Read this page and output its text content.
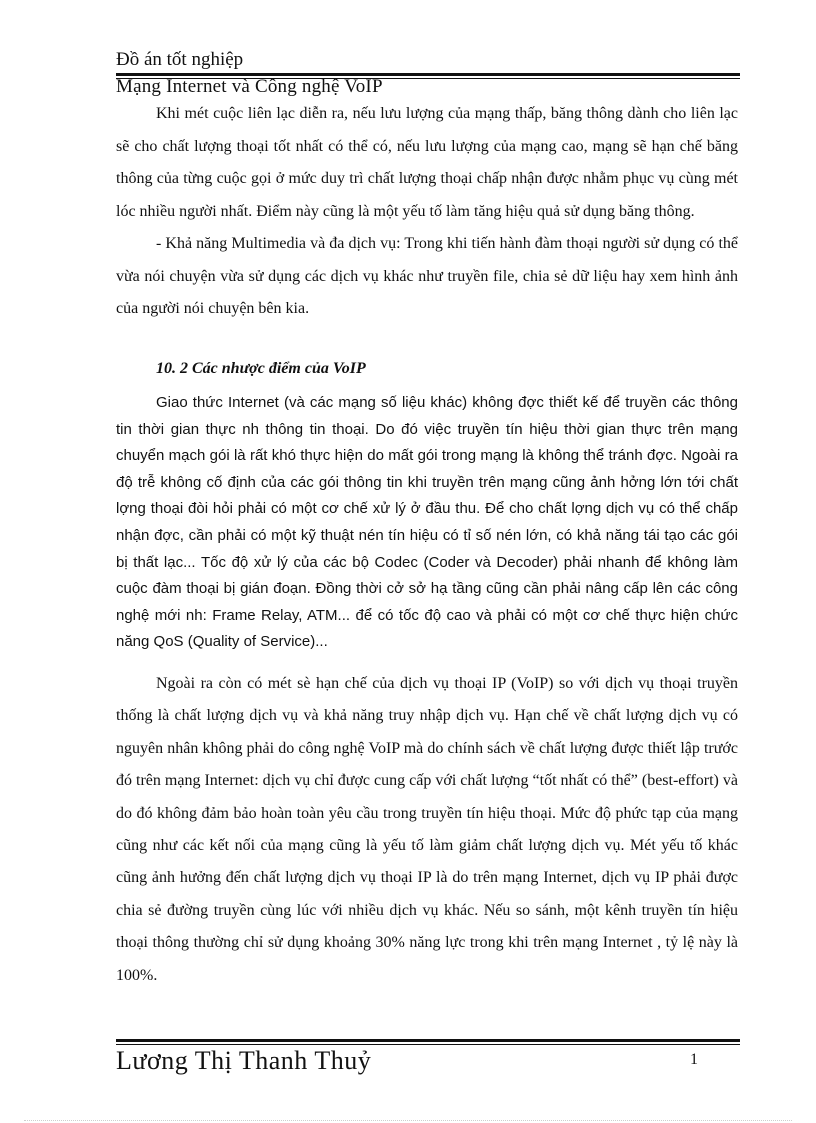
Đồ án tốt nghiệp
Mạng Internet và Công nghệ VoIP

Khi mét cuộc liên lạc diễn ra, nếu lưu lượng của mạng thấp, băng thông dành cho liên lạc sẽ cho chất lượng thoại tốt nhất có thể có, nếu lưu lượng của mạng cao, mạng sẽ hạn chế băng thông của từng cuộc gọi ở mức duy trì chất lượng thoại chấp nhận được nhằm phục vụ cùng mét lóc nhiều người nhất. Điểm này cũng là một yếu tố làm tăng hiệu quả sử dụng băng thông.

- Khả năng Multimedia và đa dịch vụ: Trong khi tiến hành đàm thoại người sử dụng có thể vừa nói chuyện vừa sử dụng các dịch vụ khác như truyền file, chia sẻ dữ liệu hay xem hình ảnh của người nói chuyện bên kia.

10. 2 Các nhược điểm của VoIP

Giao thức Internet (và các mạng số liệu khác) không đợc thiết kế để truyền các thông tin thời gian thực nh thông tin thoại. Do đó việc truyền tín hiệu thời gian thực trên mạng chuyển mạch gói là rất khó thực hiện do mất gói trong mạng là không thể tránh đợc. Ngoài ra độ trễ không cố định của các gói thông tin khi truyền trên mạng cũng ảnh hởng lớn tới chất lợng thoại đòi hỏi phải có một cơ chế xử lý ở đầu thu. Để cho chất lợng dịch vụ có thể chấp nhận đợc, cần phải có một kỹ thuật nén tín hiệu có tỉ số nén lớn, có khả năng tái tạo các gói bị thất lạc... Tốc độ xử lý của các bộ Codec (Coder và Decoder) phải nhanh để không làm cuộc đàm thoại bị gián đoạn. Đồng thời cở sở hạ tầng cũng cần phải nâng cấp lên các công nghệ mới nh: Frame Relay, ATM... để có tốc độ cao và phải có một cơ chế thực hiện chức năng QoS (Quality of Service)...

Ngoài ra còn có mét sè hạn chế của dịch vụ thoại IP (VoIP) so với dịch vụ thoại truyền thống là chất lượng dịch vụ và khả năng truy nhập dịch vụ. Hạn chế về chất lượng dịch vụ có nguyên nhân không phải do công nghệ VoIP mà do chính sách về chất lượng được thiết lập trước đó trên mạng Internet: dịch vụ chỉ được cung cấp với chất lượng “tốt nhất có thể” (best-effort) và do đó không đảm bảo hoàn toàn yêu cầu trong truyền tín hiệu thoại. Mức độ phức tạp của mạng cũng như các kết nối của mạng cũng là yếu tố làm giảm chất lượng dịch vụ. Mét yếu tố khác cũng ảnh hưởng đến chất lượng dịch vụ thoại IP là do trên mạng Internet, dịch vụ IP phải được chia sẻ đường truyền cùng lúc với nhiều dịch vụ khác. Nếu so sánh, một kênh truyền tín hiệu thoại thông thường chỉ sử dụng khoảng 30% năng lực trong khi trên mạng Internet , tỷ lệ này là 100%.

Lương Thị Thanh Thuỷ	1
